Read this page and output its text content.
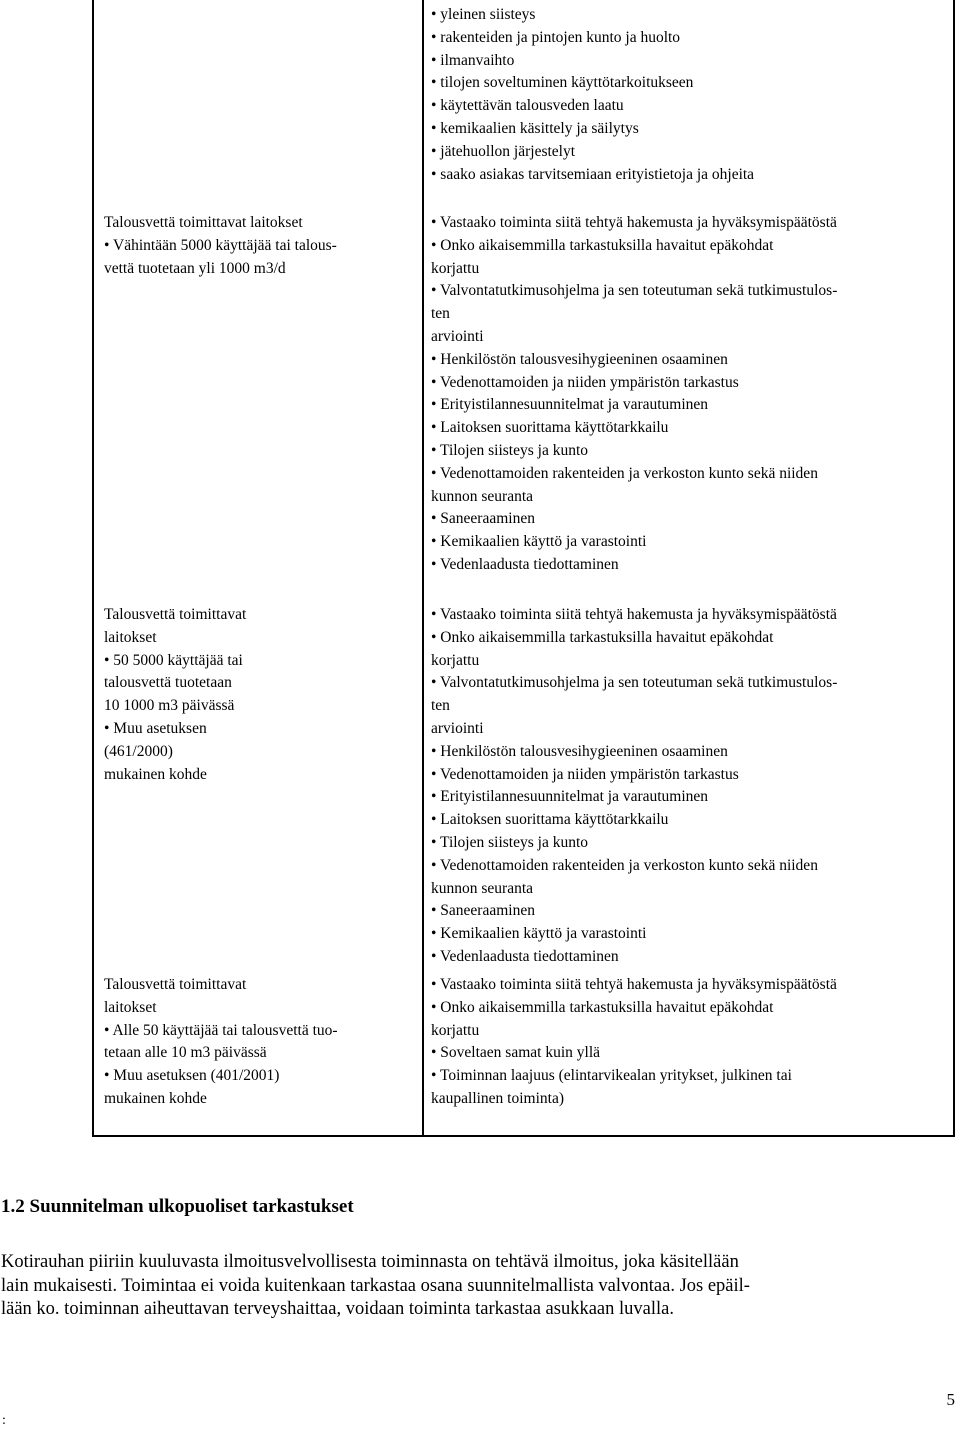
• yleinen siisteys
• rakenteiden ja pintojen kunto ja huolto
• ilmanvaihto
• tilojen soveltuminen käyttötarkoitukseen
• käytettävän talousveden laatu
• kemikaalien käsittely ja säilytys
• jätehuollon järjestelyt
• saako asiakas tarvitsemiaan erityistietoja ja ohjeita
Talousvettä toimittavat laitokset
• Vähintään 5000 käyttäjää tai talous-
vettä tuotetaan yli 1000 m3/d
• Vastaako toiminta siitä tehtyä hakemusta ja hyväksymispäätöstä
• Onko aikaisemmilla tarkastuksilla havaitut epäkohdat
korjattu
• Valvontatutkimusohjelma ja sen toteutuman sekä tutkimustulos-
ten
arviointi
• Henkilöstön talousvesihygieeninen osaaminen
• Vedenottamoiden ja niiden ympäristön tarkastus
• Erityistilannesuunnitelmat ja varautuminen
• Laitoksen suorittama käyttötarkkailu
• Tilojen siisteys ja kunto
• Vedenottamoiden rakenteiden ja verkoston kunto sekä niiden
kunnon seuranta
• Saneeraaminen
• Kemikaalien käyttö ja varastointi
• Vedenlaadusta tiedottaminen
Talousvettä toimittavat
laitokset
• 50 5000 käyttäjää tai
talousvettä tuotetaan
10 1000 m3 päivässä
• Muu asetuksen
(461/2000)
mukainen kohde
• Vastaako toiminta siitä tehtyä hakemusta ja hyväksymispäätöstä
• Onko aikaisemmilla tarkastuksilla havaitut epäkohdat
korjattu
• Valvontatutkimusohjelma ja sen toteutuman sekä tutkimustulos-
ten
arviointi
• Henkilöstön talousvesihygieeninen osaaminen
• Vedenottamoiden ja niiden ympäristön tarkastus
• Erityistilannesuunnitelmat ja varautuminen
• Laitoksen suorittama käyttötarkkailu
• Tilojen siisteys ja kunto
• Vedenottamoiden rakenteiden ja verkoston kunto sekä niiden
kunnon seuranta
• Saneeraaminen
• Kemikaalien käyttö ja varastointi
• Vedenlaadusta tiedottaminen
Talousvettä toimittavat
laitokset
• Alle 50 käyttäjää tai talousvettä tuo-
tetaan alle 10 m3 päivässä
• Muu asetuksen (401/2001)
mukainen kohde
• Vastaako toiminta siitä tehtyä hakemusta ja hyväksymispäätöstä
• Onko aikaisemmilla tarkastuksilla havaitut epäkohdat
korjattu
• Soveltaen samat kuin yllä
• Toiminnan laajuus (elintarvikealan yritykset, julkinen tai
kaupallinen toiminta)
1.2 Suunnitelman ulkopuoliset tarkastukset
Kotirauhan piiriin kuuluvasta ilmoitusvelvollisesta toiminnasta on tehtävä ilmoitus, joka käsitellään
lain mukaisesti. Toimintaa ei voida kuitenkaan tarkastaa osana suunnitelmallista valvontaa. Jos epäil-
lään ko. toiminnan aiheuttavan terveyshaittaa, voidaan toiminta tarkastaa asukkaan luvalla.
5
:
